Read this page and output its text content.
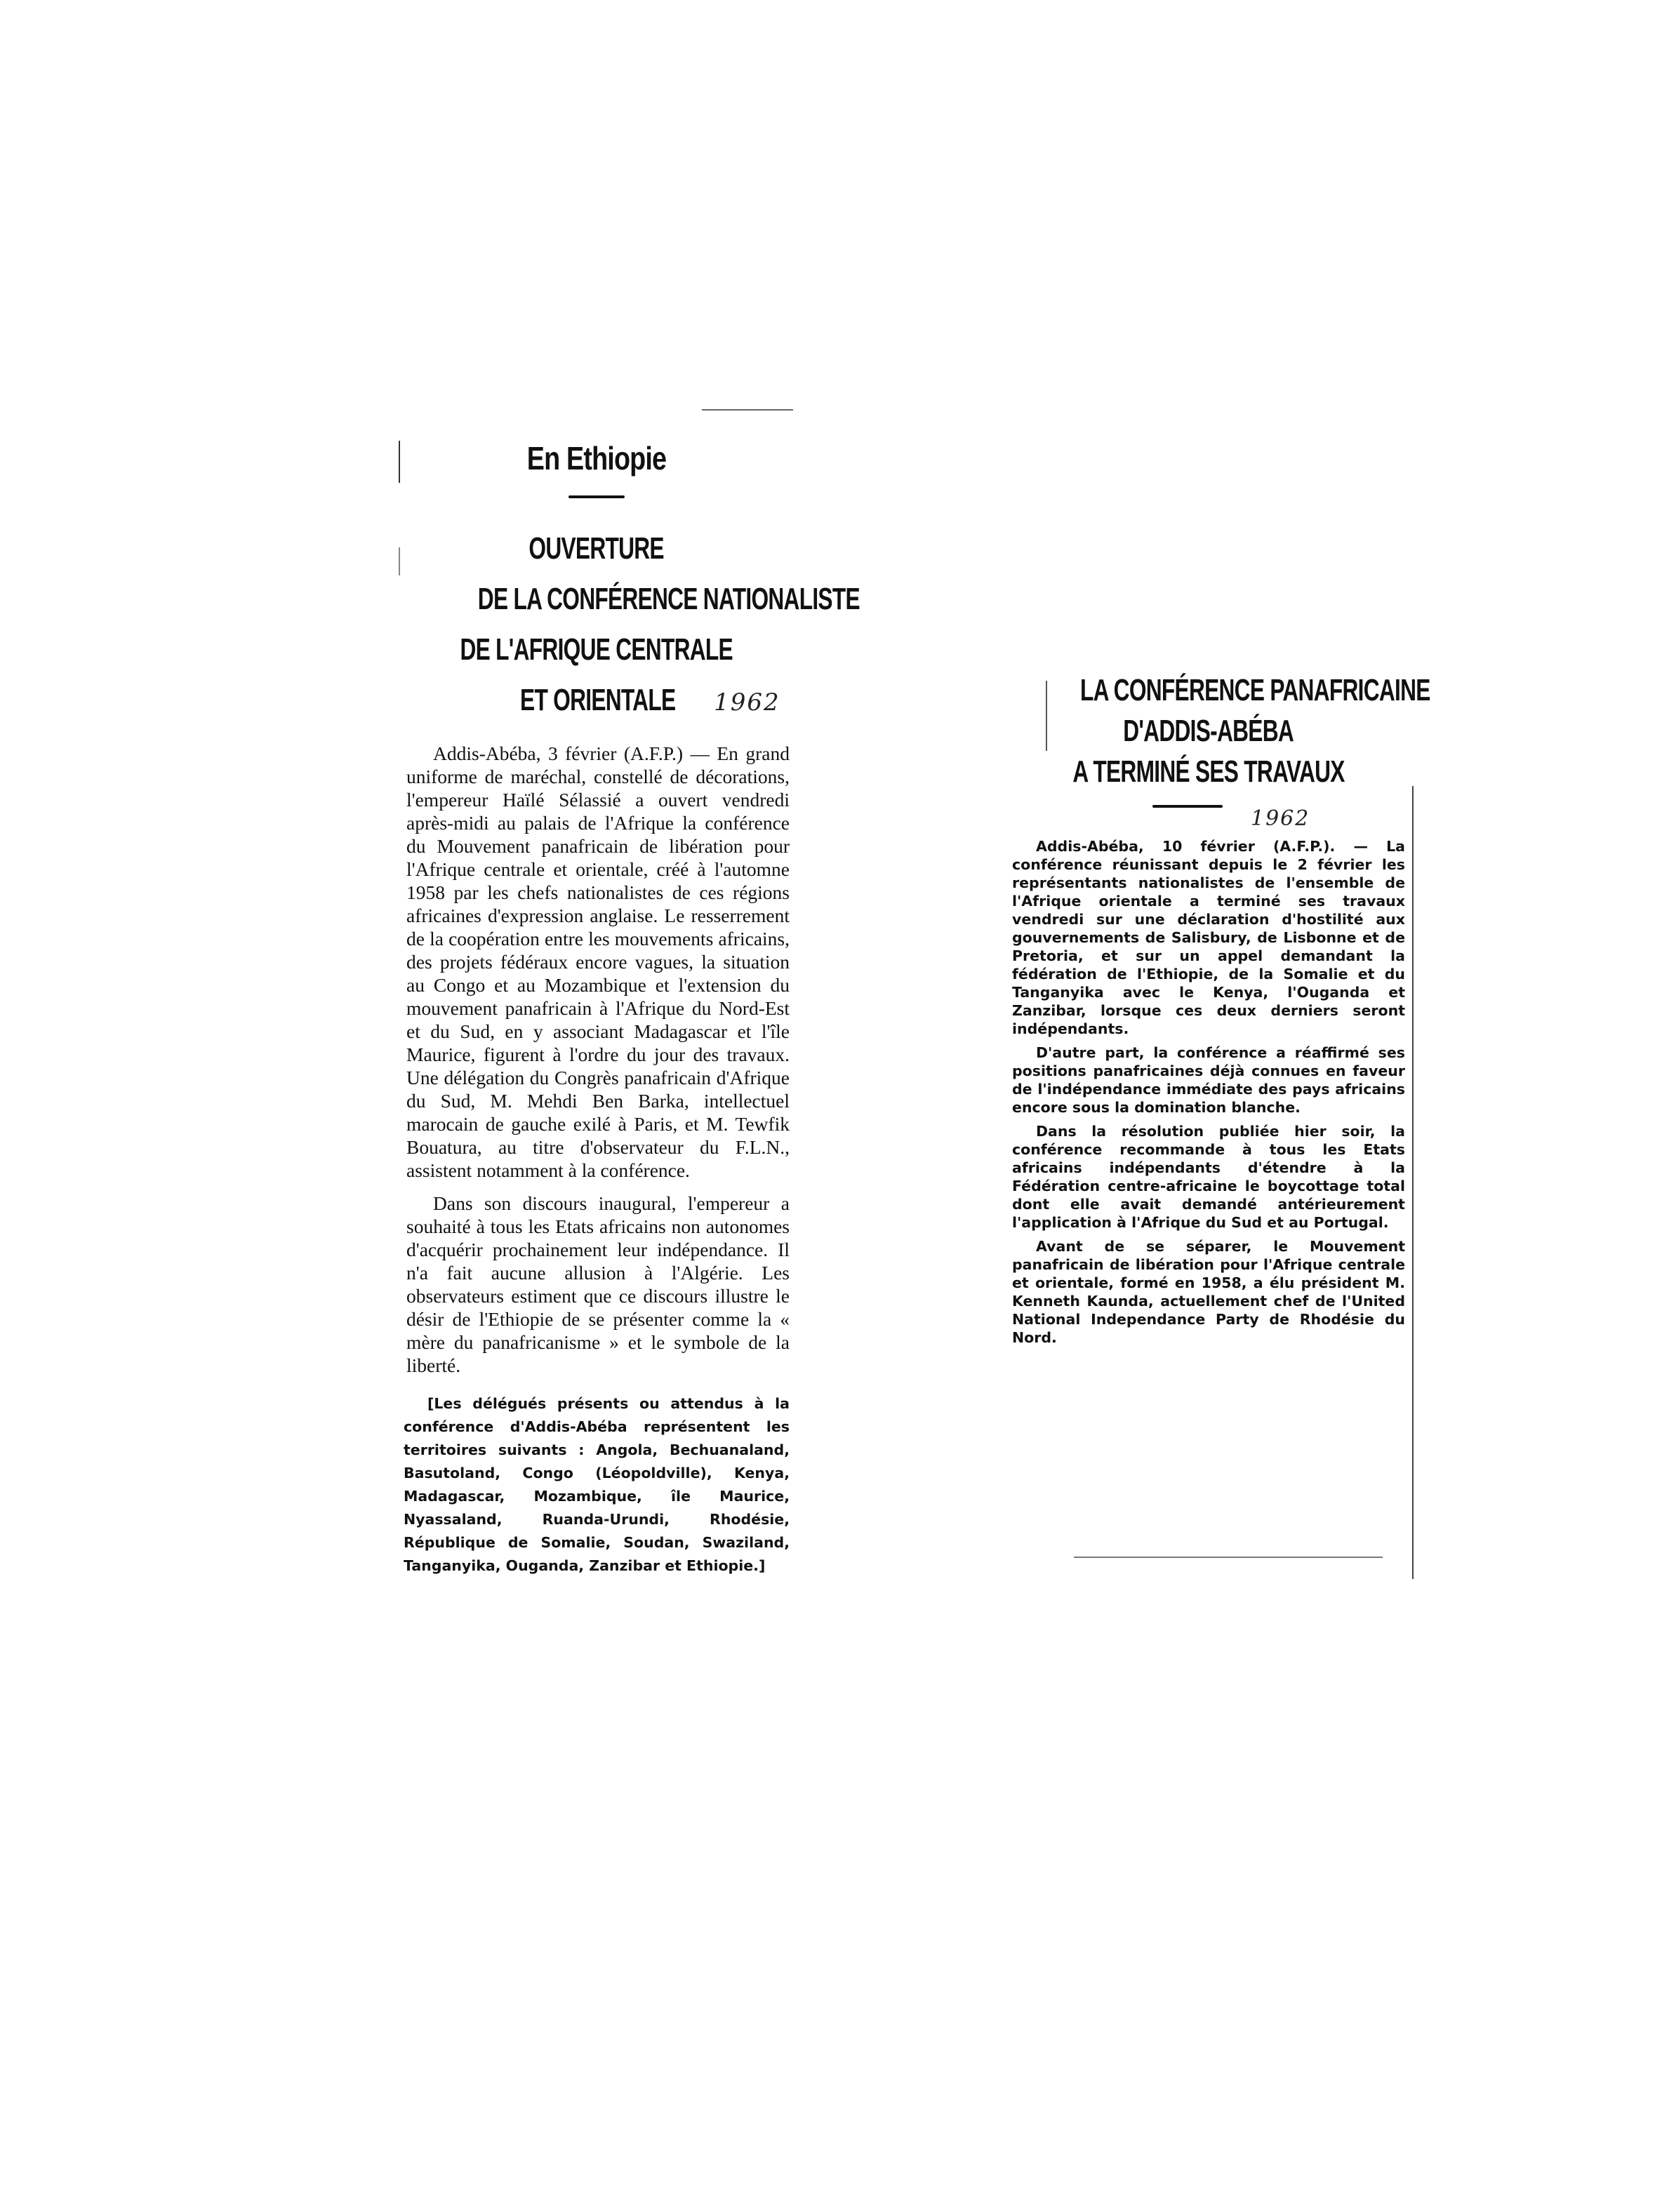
En Ethiopie
OUVERTURE
DE LA CONFÉRENCE NATIONALISTE
DE L'AFRIQUE CENTRALE
ET ORIENTALE 1962

Addis-Abéba, 3 février (A.F.P.) — En grand uniforme de maréchal, constellé de décorations, l'empereur Haïlé Sélassié a ouvert vendredi après-midi au palais de l'Afrique la conférence du Mouvement panafricain de libération pour l'Afrique centrale et orientale, créé à l'automne 1958 par les chefs nationalistes de ces régions africaines d'expression anglaise. Le resserrement de la coopération entre les mouvements africains, des projets fédéraux encore vagues, la situation au Congo et au Mozambique et l'extension du mouvement panafricain à l'Afrique du Nord-Est et du Sud, en y associant Madagascar et l'île Maurice, figurent à l'ordre du jour des travaux. Une délégation du Congrès panafricain d'Afrique du Sud, M. Mehdi Ben Barka, intellectuel marocain de gauche exilé à Paris, et M. Tewfik Bouatura, au titre d'observateur du F.L.N., assistent notamment à la conférence.

Dans son discours inaugural, l'empereur a souhaité à tous les Etats africains non autonomes d'acquérir prochainement leur indépendance. Il n'a fait aucune allusion à l'Algérie. Les observateurs estiment que ce discours illustre le désir de l'Ethiopie de se présenter comme la « mère du panafricanisme » et le symbole de la liberté.

[Les délégués présents ou attendus à la conférence d'Addis-Abéba représentent les territoires suivants : Angola, Bechuanaland, Basutoland, Congo (Léopoldville), Kenya, Madagascar, Mozambique, île Maurice, Nyassaland, Ruanda-Urundi, Rhodésie, République de Somalie, Soudan, Swaziland, Tanganyika, Ouganda, Zanzibar et Ethiopie.]
LA CONFÉRENCE PANAFRICAINE
D'ADDIS-ABÉBA
A TERMINÉ SES TRAVAUX
1962

Addis-Abéba, 10 février (A.F.P.). — La conférence réunissant depuis le 2 février les représentants nationalistes de l'ensemble de l'Afrique orientale a terminé ses travaux vendredi sur une déclaration d'hostilité aux gouvernements de Salisbury, de Lisbonne et de Pretoria, et sur un appel demandant la fédération de l'Ethiopie, de la Somalie et du Tanganyika avec le Kenya, l'Ouganda et Zanzibar, lorsque ces deux derniers seront indépendants.

D'autre part, la conférence a réaffirmé ses positions panafricaines déjà connues en faveur de l'indépendance immédiate des pays africains encore sous la domination blanche.

Dans la résolution publiée hier soir, la conférence recommande à tous les Etats africains indépendants d'étendre à la Fédération centre-africaine le boycottage total dont elle avait demandé antérieurement l'application à l'Afrique du Sud et au Portugal.

Avant de se séparer, le Mouvement panafricain de libération pour l'Afrique centrale et orientale, formé en 1958, a élu président M. Kenneth Kaunda, actuellement chef de l'United National Independance Party de Rhodésie du Nord.
